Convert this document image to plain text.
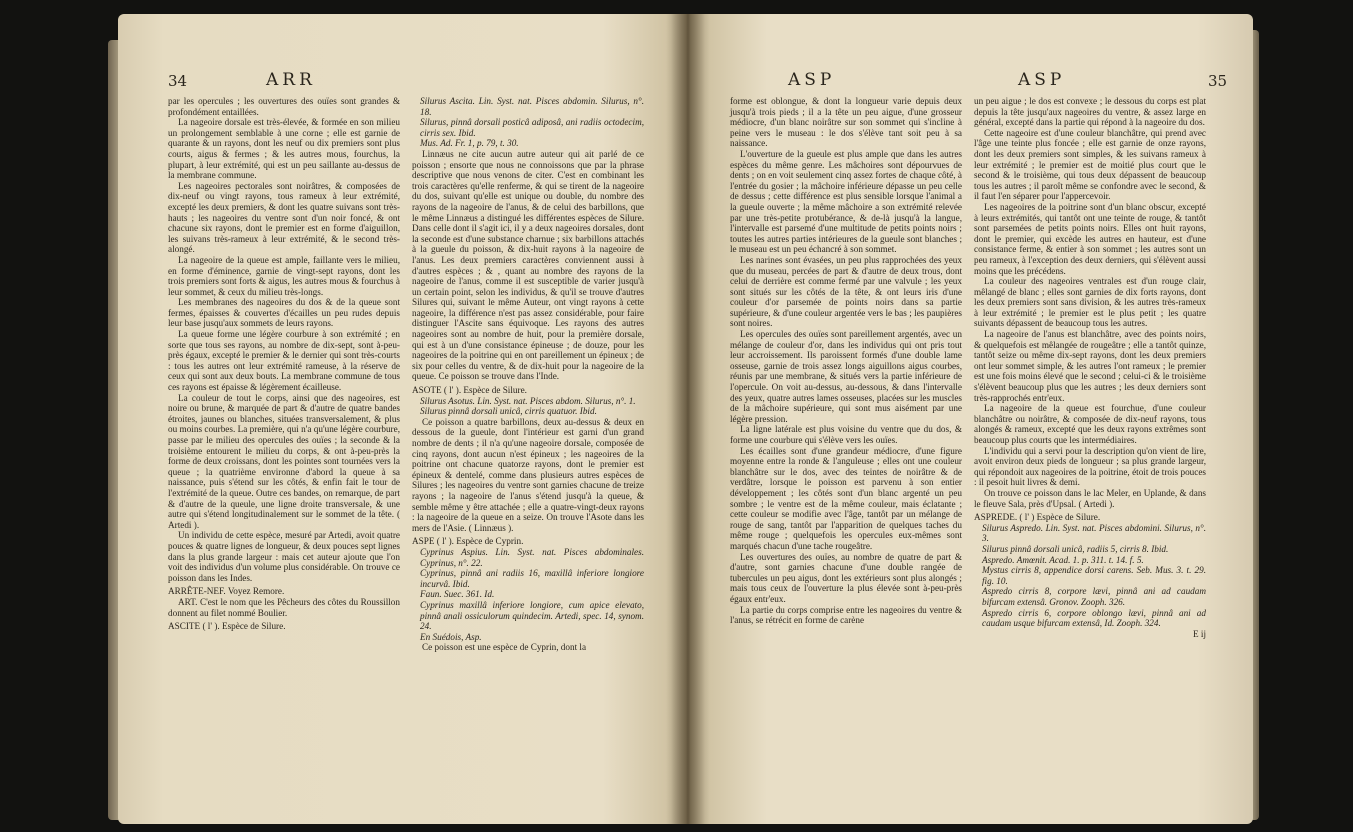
34	ARR

par les opercules ; les ouvertures des ouïes sont grandes & profondément entaillées.

La nageoire dorsale est très-élevée, & formée en son milieu un prolongement semblable à une corne ; elle est garnie de quarante & un rayons, dont les neuf ou dix premiers sont plus courts, aigus & fermes ; & les autres mous, fourchus, la plupart, à leur extrémité, qui est un peu saillante au-dessus de la membrane commune.

Les nageoires pectorales sont noirâtres, & composées de dix-neuf ou vingt rayons, tous rameux à leur extrémité, excepté les deux premiers, & dont les quatre suivans sont très-hauts ; les nageoires du ventre sont d'un noir foncé, & ont chacune six rayons, dont le premier est en forme d'aiguillon, les suivans très-rameux à leur extrémité, & le second très-alongé.

La nageoire de la queue est ample, faillante vers le milieu, en forme d'éminence, garnie de vingt-sept rayons, dont les trois premiers sont forts & aigus, les autres mous & fourchus à leur sommet, & ceux du milieu très-longs.

Les membranes des nageoires du dos & de la queue sont fermes, épaisses & couvertes d'écailles un peu rudes depuis leur base jusqu'aux sommets de leurs rayons.

La queue forme une légère courbure à son extrémité ; en sorte que tous ses rayons, au nombre de dix-sept, sont à-peu-près égaux, excepté le premier & le dernier qui sont très-courts : tous les autres ont leur extrémité rameuse, à la réserve de ceux qui sont aux deux bouts. La membrane commune de tous ces rayons est épaisse & légèrement écailleuse.

La couleur de tout le corps, ainsi que des nageoires, est noire ou brune, & marquée de part & d'autre de quatre bandes étroites, jaunes ou blanches, situées transversalement, & plus ou moins courbes. La première, qui n'a qu'une légère courbure, passe par le milieu des opercules des ouïes ; la seconde & la troisième entourent le milieu du corps, & ont à-peu-près la forme de deux croissans, dont les pointes sont tournées vers la queue ; la quatrième environne d'abord la queue à sa naissance, puis s'étend sur les côtés, & enfin fait le tour de l'extrémité de la queue. Outre ces bandes, on remarque, de part & d'autre de la queule, une ligne droite transversale, & une autre qui s'étend longitudinalement sur le sommet de la tête. ( Artedi ).

Un individu de cette espèce, mesuré par Artedi, avoit quatre pouces & quatre lignes de longueur, & deux pouces sept lignes dans la plus grande largeur : mais cet auteur ajoute que l'on voit des individus d'un volume plus considérable. On trouve ce poisson dans les Indes.

ARRÊTE-NEF. Voyez Remore.

ART. C'est le nom que les Pêcheurs des côtes du Roussillon donnent au filet nommé Boulier.

ASCITE ( l' ). Espèce de Silure.

Silurus Ascita. Lin. Syst. nat. Pisces abdomin. Silurus, n°. 18.

Silurus, pinnâ dorsali posticâ adiposâ, ani radiis octodecim, cirris sex. Ibid.

Mus. Ad. Fr. 1, p. 79, t. 30.

Linnæus ne cite aucun autre auteur qui ait parlé de ce poisson ; ensorte que nous ne connoissons que par la phrase descriptive que nous venons de citer. C'est en combinant les trois caractères qu'elle renferme, & qui se tirent de la nageoire du dos, suivant qu'elle est unique ou double, du nombre des rayons de la nageoire de l'anus, & de celui des barbillons, que le même Linnæus a distingué les différentes espèces de Silure. Dans celle dont il s'agit ici, il y a deux nageoires dorsales, dont la seconde est d'une substance charnue ; six barbillons attachés à la gueule du poisson, & dix-huit rayons à la nageoire de l'anus. Les deux premiers caractères conviennent aussi à d'autres espèces ; & , quant au nombre des rayons de la nageoire de l'anus, comme il est susceptible de varier jusqu'à un certain point, selon les individus, & qu'il se trouve d'autres Silures qui, suivant le même Auteur, ont vingt rayons à cette nageoire, la différence n'est pas assez considérable, pour faire distinguer l'Ascite sans équivoque. Les rayons des autres nageoires sont au nombre de huit, pour la première dorsale, qui est à un d'une consistance épineuse ; de douze, pour les nageoires de la poitrine qui en ont pareillement un épineux ; de six pour celles du ventre, & de dix-huit pour la nageoire de la queue. Ce poisson se trouve dans l'Inde.

ASOTE ( l' ). Espèce de Silure.

Silurus Asotus. Lin. Syst. nat. Pisces abdom. Silurus, n°. 1.

Silurus pinnâ dorsali unicâ, cirris quatuor. Ibid.

Ce poisson a quatre barbillons, deux au-dessus & deux en dessous de la gueule, dont l'intérieur est garni d'un grand nombre de dents ; il n'a qu'une nageoire dorsale, composée de cinq rayons, dont aucun n'est épineux ; les nageoires de la poitrine ont chacune quatorze rayons, dont le premier est épineux & dentelé, comme dans plusieurs autres espèces de Silures ; les nageoires du ventre sont garnies chacune de treize rayons ; la nageoire de l'anus s'étend jusqu'à la queue, & semble même y être attachée ; elle a quatre-vingt-deux rayons : la nageoire de la queue en a seize. On trouve l'Asote dans les mers de l'Asie. ( Linnæus ).

ASPE ( l' ). Espèce de Cyprin.

Cyprinus Aspius. Lin. Syst. nat. Pisces abdominales. Cyprinus, n°. 22.

Cyprinus, pinnâ ani radiis 16, maxillâ inferiore longiore incurvâ. Ibid.

Faun. Suec. 361. Id.

Cyprinus maxillâ inferiore longiore, cum apice elevato, pinnâ anali ossiculorum quindecim. Artedi, spec. 14, synom. 24.

En Suédois, Asp.

Ce poisson est une espèce de Cyprin, dont la

ASP	ASP	35

forme est oblongue, & dont la longueur varie depuis deux jusqu'à trois pieds ; il a la tête un peu aigue, d'une grosseur médiocre, d'un blanc noirâtre sur son sommet qui s'incline à peine vers le museau : le dos s'élève tant soit peu à sa naissance.

L'ouverture de la gueule est plus ample que dans les autres espèces du même genre. Les mâchoires sont dépourvues de dents ; on en voit seulement cinq assez fortes de chaque côté, à l'entrée du gosier ; la mâchoire inférieure dépasse un peu celle de dessus ; cette différence est plus sensible lorsque l'animal a la gueule ouverte ; la même mâchoire a son extrémité relevée par une très-petite protubérance, & de-là jusqu'à la langue, l'intervalle est parsemé d'une multitude de petits points noirs ; toutes les autres parties intérieures de la gueule sont blanches ; le museau est un peu échancré à son sommet.

Les narines sont évasées, un peu plus rapprochées des yeux que du museau, percées de part & d'autre de deux trous, dont celui de derrière est comme fermé par une valvule ; les yeux sont situés sur les côtés de la tête, & ont leurs iris d'une couleur d'or parsemée de points noirs dans sa partie supérieure, & d'une couleur argentée vers le bas ; les paupières sont noires.

Les opercules des ouïes sont pareillement argentés, avec un mélange de couleur d'or, dans les individus qui ont pris tout leur accroissement. Ils paroissent formés d'une double lame osseuse, garnie de trois assez longs aiguillons aigus courbes, réunis par une membrane, & situés vers la partie inférieure de l'opercule. On voit au-dessus, au-dessous, & dans l'intervalle des yeux, quatre autres lames osseuses, placées sur les muscles de la mâchoire supérieure, qui sont mus aisément par une légère pression.

La ligne latérale est plus voisine du ventre que du dos, & forme une courbure qui s'élève vers les ouïes.

Les écailles sont d'une grandeur médiocre, d'une figure moyenne entre la ronde & l'anguleuse ; elles ont une couleur blanchâtre sur le dos, avec des teintes de noirâtre & de verdâtre, lorsque le poisson est parvenu à son entier développement ; les côtés sont d'un blanc argenté un peu sombre ; le ventre est de la même couleur, mais éclatante ; cette couleur se modifie avec l'âge, tantôt par un mélange de rouge de sang, tantôt par l'apparition de quelques taches du même rouge ; quelquefois les opercules eux-mêmes sont marqués chacun d'une tache rougeâtre.

Les ouvertures des ouïes, au nombre de quatre de part & d'autre, sont garnies chacune d'une double rangée de tubercules un peu aigus, dont les extérieurs sont plus alongés ; mais tous ceux de l'ouverture la plus élevée sont à-peu-près égaux entr'eux.

La partie du corps comprise entre les nageoires du ventre & l'anus, se rétrécit en forme de carène

un peu aigue ; le dos est convexe ; le dessous du corps est plat depuis la tête jusqu'aux nageoires du ventre, & assez large en général, excepté dans la partie qui répond à la nageoire du dos.

Cette nageoire est d'une couleur blanchâtre, qui prend avec l'âge une teinte plus foncée ; elle est garnie de onze rayons, dont les deux premiers sont simples, & les suivans rameux à leur extrémité ; le premier est de moitié plus court que le second & le troisième, qui tous deux dépassent de beaucoup tous les autres ; il paroît même se confondre avec le second, & il faut l'en séparer pour l'appercevoir.

Les nageoires de la poitrine sont d'un blanc obscur, excepté à leurs extrémités, qui tantôt ont une teinte de rouge, & tantôt sont parsemées de petits points noirs. Elles ont huit rayons, dont le premier, qui excède les autres en hauteur, est d'une consistance ferme, & entier à son sommet ; les autres sont un peu rameux, à l'exception des deux derniers, qui s'élèvent aussi moins que les précédens.

La couleur des nageoires ventrales est d'un rouge clair, mêlangé de blanc ; elles sont garnies de dix forts rayons, dont les deux premiers sont sans division, & les autres très-rameux à leur extrémité ; le premier est le plus petit ; les quatre suivants dépassent de beaucoup tous les autres.

La nageoire de l'anus est blanchâtre, avec des points noirs, & quelquefois est mêlangée de rougeâtre ; elle a tantôt quinze, tantôt seize ou même dix-sept rayons, dont les deux premiers ont leur sommet simple, & les autres l'ont rameux ; le premier est une fois moins élevé que le second ; celui-ci & le troisième s'élèvent beaucoup plus que les autres ; les deux derniers sont très-rapprochés entr'eux.

La nageoire de la queue est fourchue, d'une couleur blanchâtre ou noirâtre, & composée de dix-neuf rayons, tous alongés & rameux, excepté que les deux rayons extrêmes sont beaucoup plus courts que les intermédiaires.

L'individu qui a servi pour la description qu'on vient de lire, avoit environ deux pieds de longueur ; sa plus grande largeur, qui répondoit aux nageoires de la poitrine, étoit de trois pouces : il pesoit huit livres & demi.

On trouve ce poisson dans le lac Meler, en Uplande, & dans le fleuve Sala, près d'Upsal. ( Artedi ).

ASPREDE. ( l' ) Espèce de Silure.

Silurus Aspredo. Lin. Syst. nat. Pisces abdomini. Silurus, n°. 3.

Silurus pinnâ dorsali unicâ, radiis 5, cirris 8. Ibid.

Aspredo. Amœnit. Acad. 1. p. 311. t. 14. f. 5.

Mystus cirris 8, appendice dorsi carens. Seb. Mus. 3. t. 29. fig. 10.

Aspredo cirris 8, corpore lævi, pinnâ ani ad caudam bifurcam extensâ. Gronov. Zooph. 326.

Aspredo cirris 6, corpore oblongo lævi, pinnâ ani ad caudam usque bifurcam extensâ, Id. Zooph. 324.

E ij
